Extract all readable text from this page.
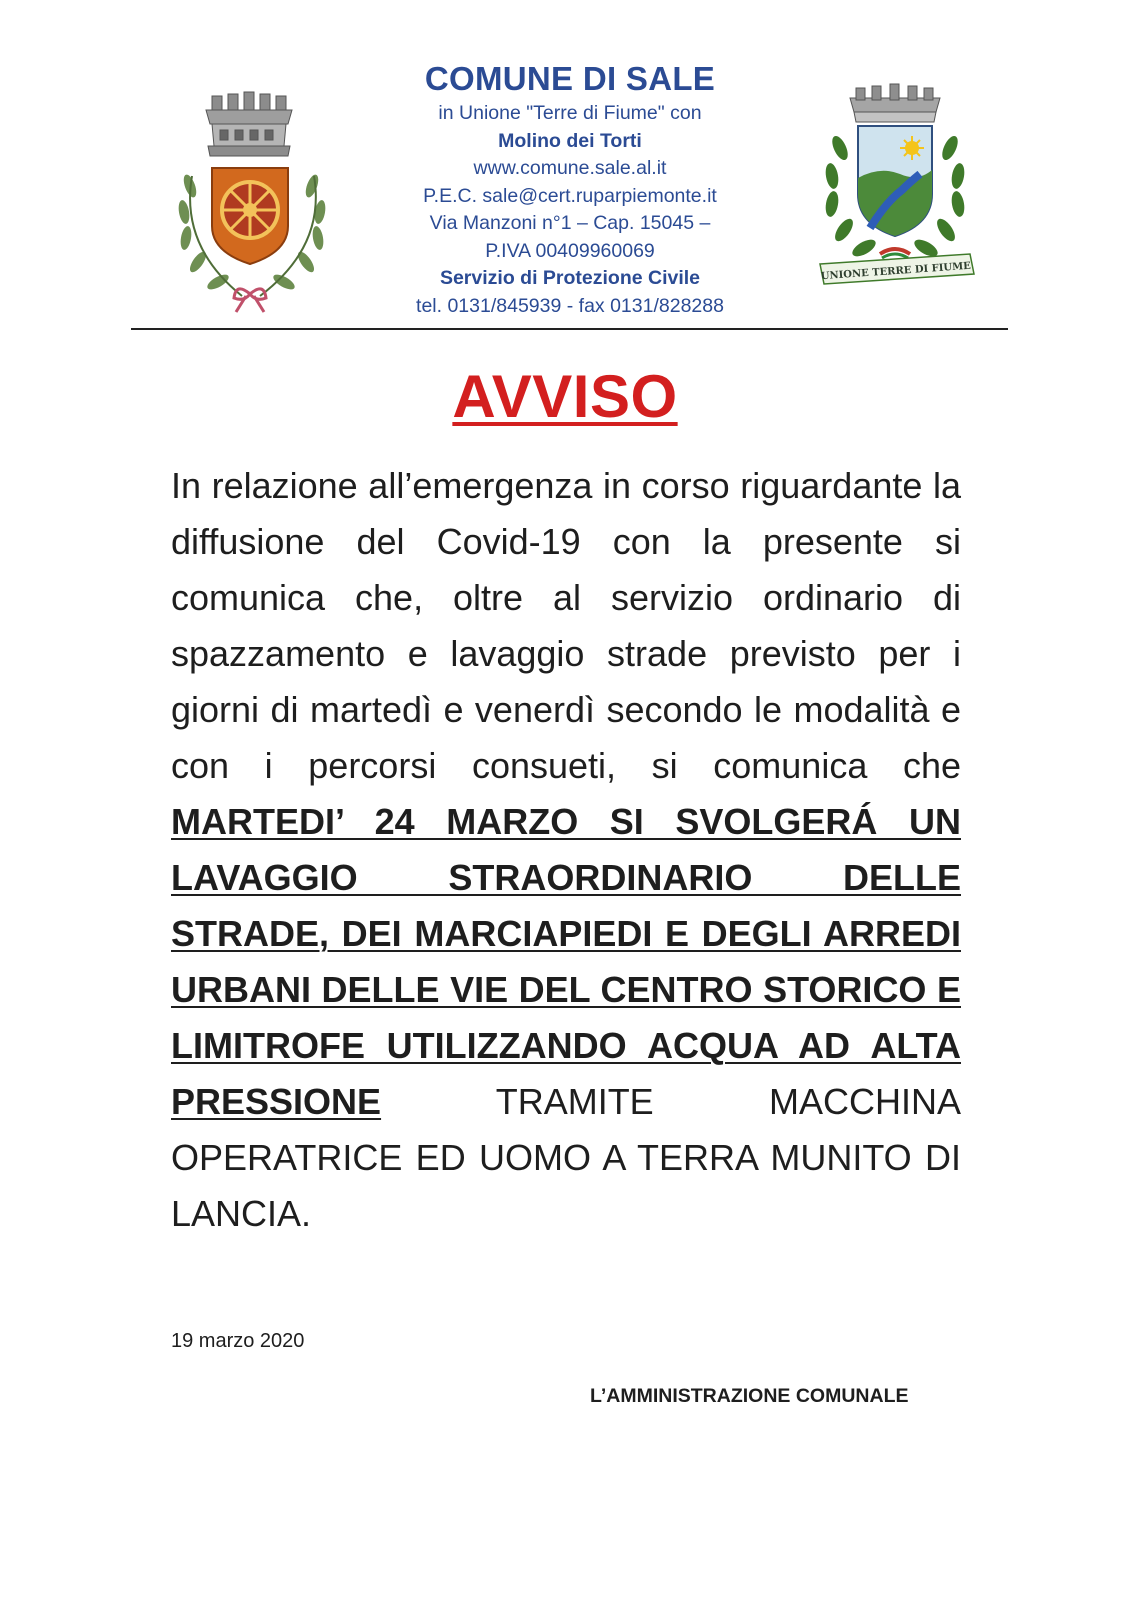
COMUNE DI SALE
in Unione "Terre di Fiume" con
Molino dei Torti
www.comune.sale.al.it
P.E.C. sale@cert.ruparpiemonte.it
Via Manzoni n°1 – Cap. 15045 –
P.IVA 00409960069
Servizio di Protezione Civile
tel. 0131/845939 - fax 0131/828288
UNIONE TERRE DI FIUME
AVVISO
In relazione all’emergenza in corso riguardante la diffusione del Covid-19 con la presente si comunica che, oltre al servizio ordinario di spazzamento e lavaggio strade previsto per i giorni di martedì e venerdì secondo le modalità e con i percorsi consueti, si comunica che MARTEDI’ 24 MARZO SI SVOLGERÁ UN LAVAGGIO STRAORDINARIO DELLE STRADE, DEI MARCIAPIEDI E DEGLI ARREDI URBANI DELLE VIE DEL CENTRO STORICO E LIMITROFE UTILIZZANDO ACQUA AD ALTA PRESSIONE TRAMITE MACCHINA OPERATRICE ED UOMO A TERRA MUNITO DI LANCIA.
19 marzo 2020
L’AMMINISTRAZIONE COMUNALE
